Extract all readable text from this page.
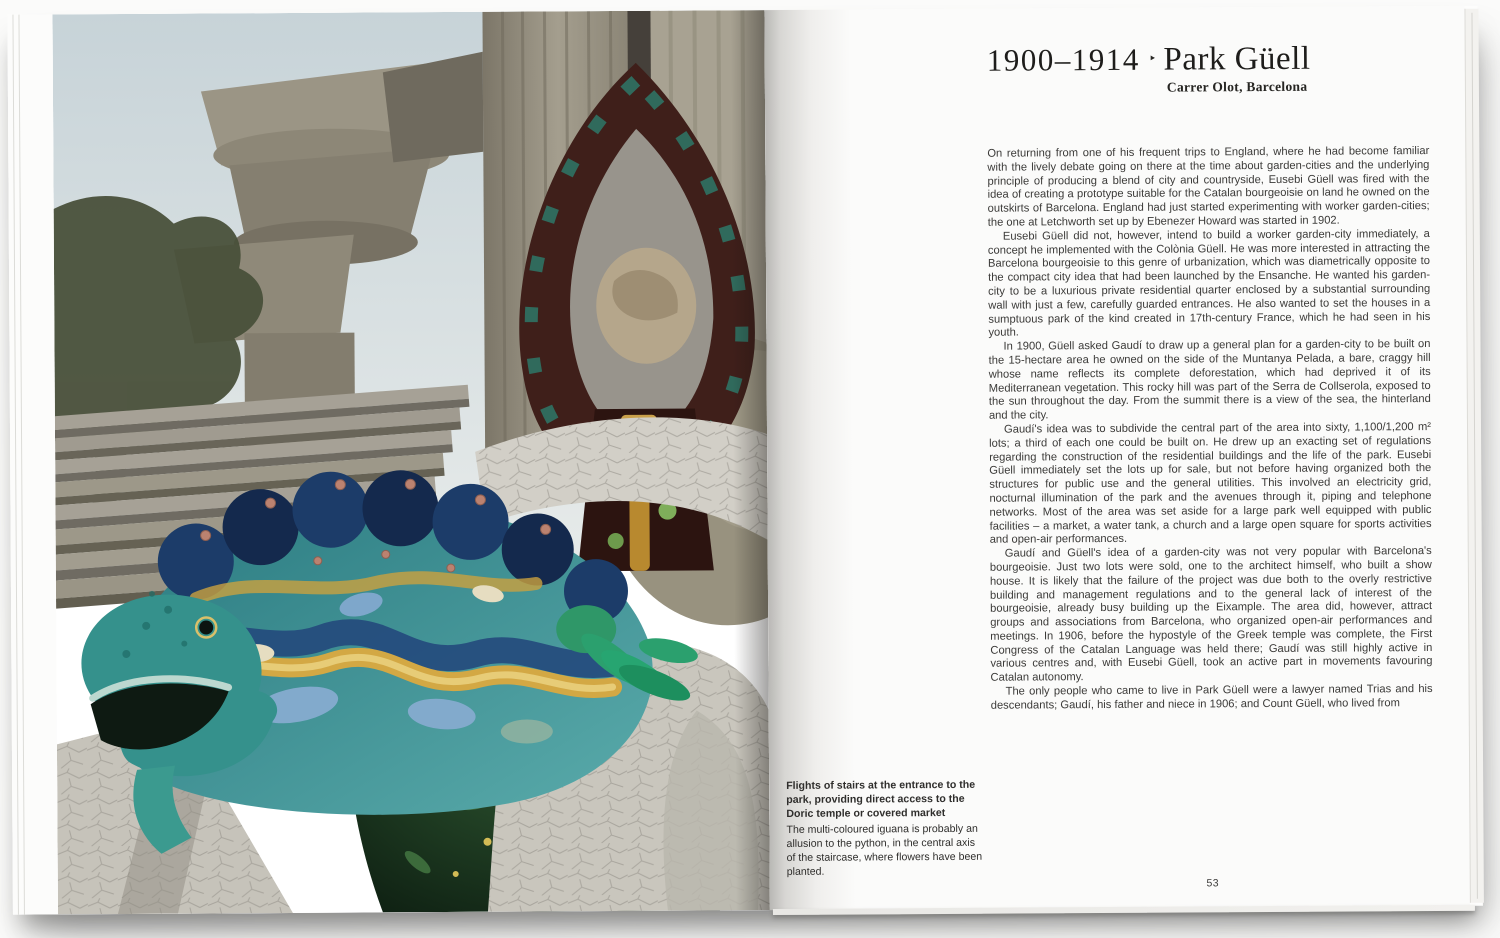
1900–1914 ‣ Park Güell
Carrer Olot, Barcelona
Flights of stairs at the entrance to the park, providing direct access to the Doric temple or covered market
The multi-coloured iguana is probably an allusion to the python, in the central axis of the staircase, where flowers have been planted.

On returning from one of his frequent trips to England, where he had become familiar with the lively debate going on there at the time about garden-cities and the underlying principle of producing a blend of city and countryside, Eusebi Güell was fired with the idea of creating a prototype suitable for the Catalan bourgeoisie on land he owned on the outskirts of Barcelona. England had just started experimenting with worker garden-cities; the one at Letchworth set up by Ebenezer Howard was started in 1902.

Eusebi Güell did not, however, intend to build a worker garden-city immediately, a concept he implemented with the Colònia Güell. He was more interested in attracting the Barcelona bourgeoisie to this genre of urbanization, which was diametrically opposite to the compact city idea that had been launched by the Ensanche. He wanted his garden-city to be a luxurious private residential quarter enclosed by a substantial surrounding wall with just a few, carefully guarded entrances. He also wanted to set the houses in a sumptuous park of the kind created in 17th-century France, which he had seen in his youth.

In 1900, Güell asked Gaudí to draw up a general plan for a garden-city to be built on the 15-hectare area he owned on the side of the Muntanya Pelada, a bare, craggy hill whose name reflects its complete deforestation, which had deprived it of its Mediterranean vegetation. This rocky hill was part of the Serra de Collserola, exposed to the sun throughout the day. From the summit there is a view of the sea, the hinterland and the city.

Gaudí's idea was to subdivide the central part of the area into sixty, 1,100/1,200 m² lots; a third of each one could be built on. He drew up an exacting set of regulations regarding the construction of the residential buildings and the life of the park. Eusebi Güell immediately set the lots up for sale, but not before having organized both the structures for public use and the general utilities. This involved an electricity grid, nocturnal illumination of the park and the avenues through it, piping and telephone networks. Most of the area was set aside for a large park well equipped with public facilities – a market, a water tank, a church and a large open square for sports activities and open-air performances.

Gaudí and Güell's idea of a garden-city was not very popular with Barcelona's bourgeoisie. Just two lots were sold, one to the architect himself, who built a show house. It is likely that the failure of the project was due both to the overly restrictive building and management regulations and to the general lack of interest of the bourgeoisie, already busy building up the Eixample. The area did, however, attract groups and associations from Barcelona, who organized open-air performances and meetings. In 1906, before the hypostyle of the Greek temple was complete, the First Congress of the Catalan Language was held there; Gaudí was still highly active in various centres and, with Eusebi Güell, took an active part in movements favouring Catalan autonomy.

The only people who came to live in Park Güell were a lawyer named Trias and his descendants; Gaudí, his father and niece in 1906; and Count Güell, who lived from

53
